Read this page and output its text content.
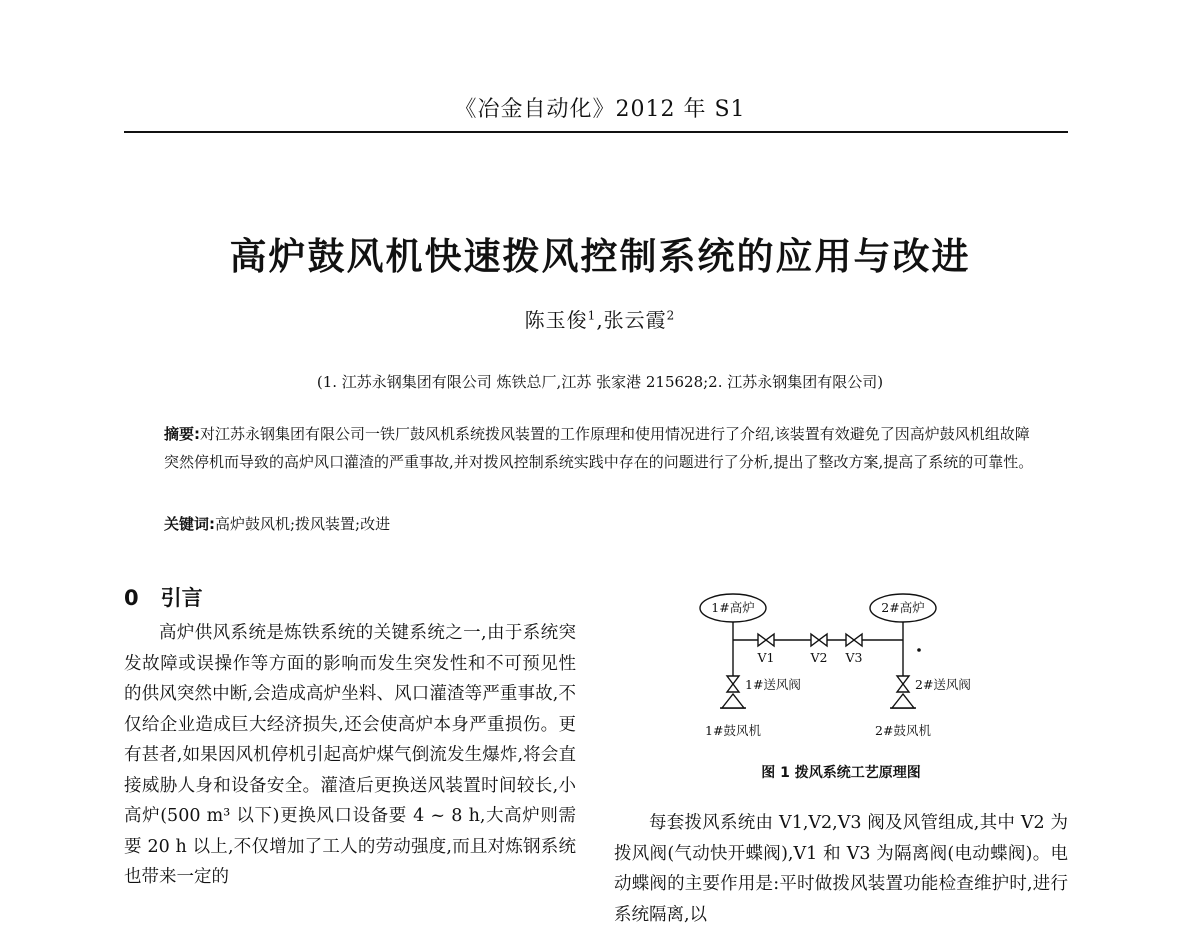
《冶金自动化》2012 年 S1
高炉鼓风机快速拨风控制系统的应用与改进
陈玉俊$^1$,张云霞$^2$
(1. 江苏永钢集团有限公司 炼铁总厂,江苏 张家港 215628;2. 江苏永钢集团有限公司)
摘要:对江苏永钢集团有限公司一铁厂鼓风机系统拨风装置的工作原理和使用情况进行了介绍,该装置有效避免了因高炉鼓风机组故障突然停机而导致的高炉风口灌渣的严重事故,并对拨风控制系统实践中存在的问题进行了分析,提出了整改方案,提高了系统的可靠性。
关键词:高炉鼓风机;拨风装置;改进
0 引言
高炉供风系统是炼铁系统的关键系统之一,由于系统突发故障或误操作等方面的影响而发生突发性和不可预见性的供风突然中断,会造成高炉坐料、风口灌渣等严重事故,不仅给企业造成巨大经济损失,还会使高炉本身严重损伤。更有甚者,如果因风机停机引起高炉煤气倒流发生爆炸,将会直接威胁人身和设备安全。灌渣后更换送风装置时间较长,小高炉(500 m³ 以下)更换风口设备要 4 ~ 8 h,大高炉则需要 20 h 以上,不仅增加了工人的劳动强度,而且对炼钢系统也带来一定的
1#高炉	2#高炉
V1	V2 V3
1#送风阀	2#送风阀
1#鼓风机	2#鼓风机
图 1 拨风系统工艺原理图
每套拨风系统由 V1,V2,V3 阀及风管组成,其中 V2 为拨风阀(气动快开蝶阀),V1 和 V3 为隔离阀(电动蝶阀)。电动蝶阀的主要作用是:平时做拨风装置功能检查维护时,进行系统隔离,以
